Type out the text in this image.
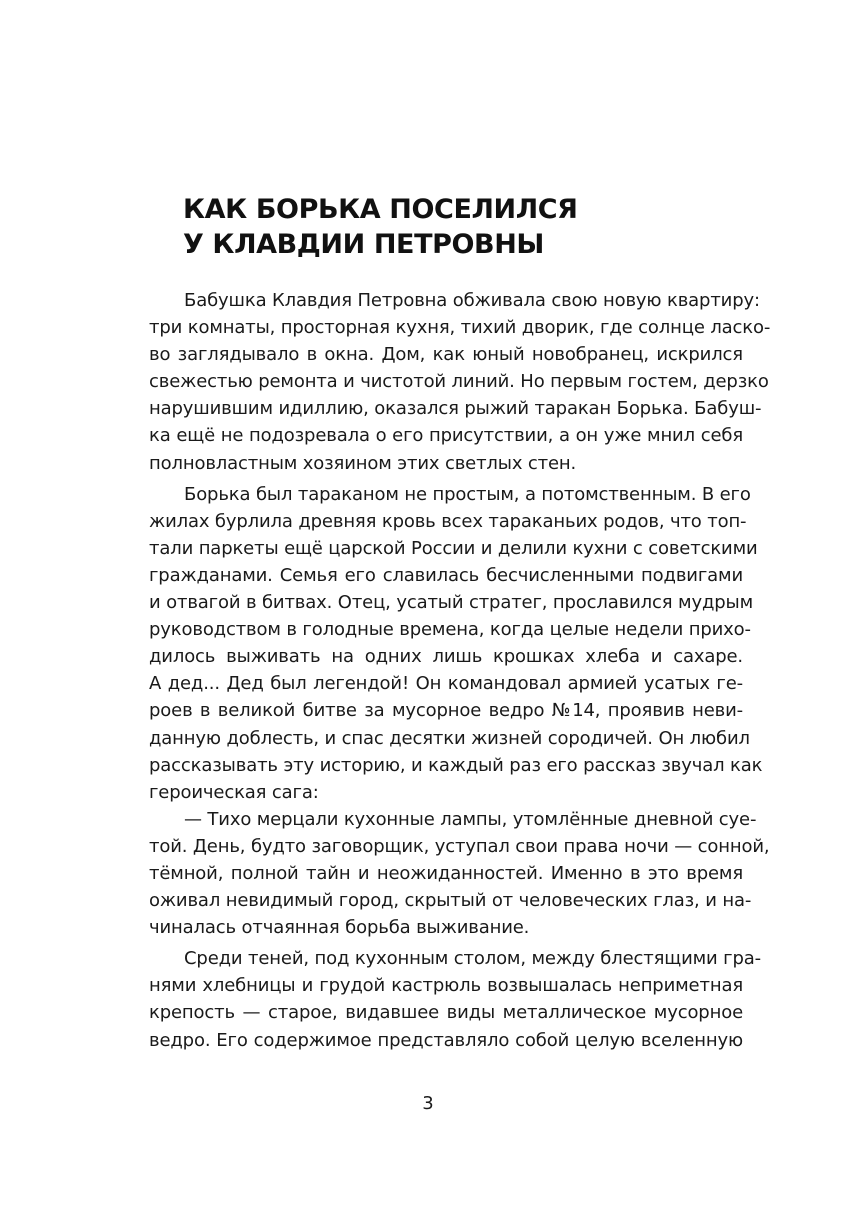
КАК БОРЬКА ПОСЕЛИЛСЯ
У КЛАВДИИ ПЕТРОВНЫ
Бабушка Клавдия Петровна обживала свою новую квартиру:
три комнаты, просторная кухня, тихий дворик, где солнце ласко-
во заглядывало в окна. Дом, как юный новобранец, искрился
свежестью ремонта и чистотой линий. Но первым гостем, дерзко
нарушившим идиллию, оказался рыжий таракан Борька. Бабуш-
ка ещё не подозревала о его присутствии, а он уже мнил себя
полновластным хозяином этих светлых стен.
Борька был тараканом не простым, а потомственным. В его
жилах бурлила древняя кровь всех тараканьих родов, что топ-
тали паркеты ещё царской России и делили кухни с советскими
гражданами. Семья его славилась бесчисленными подвигами
и отвагой в битвах. Отец, усатый стратег, прославился мудрым
руководством в голодные времена, когда целые недели прихо-
дилось выживать на одних лишь крошках хлеба и сахаре.
А дед... Дед был легендой! Он командовал армией усатых ге-
роев в великой битве за мусорное ведро №14, проявив неви-
данную доблесть, и спас десятки жизней сородичей. Он любил
рассказывать эту историю, и каждый раз его рассказ звучал как
героическая сага:
— Тихо мерцали кухонные лампы, утомлённые дневной суе-
той. День, будто заговорщик, уступал свои права ночи — сонной,
тёмной, полной тайн и неожиданностей. Именно в это время
оживал невидимый город, скрытый от человеческих глаз, и на-
чиналась отчаянная борьба выживание.
Среди теней, под кухонным столом, между блестящими гра-
нями хлебницы и грудой кастрюль возвышалась неприметная
крепость — старое, видавшее виды металлическое мусорное
ведро. Его содержимое представляло собой целую вселенную
3
